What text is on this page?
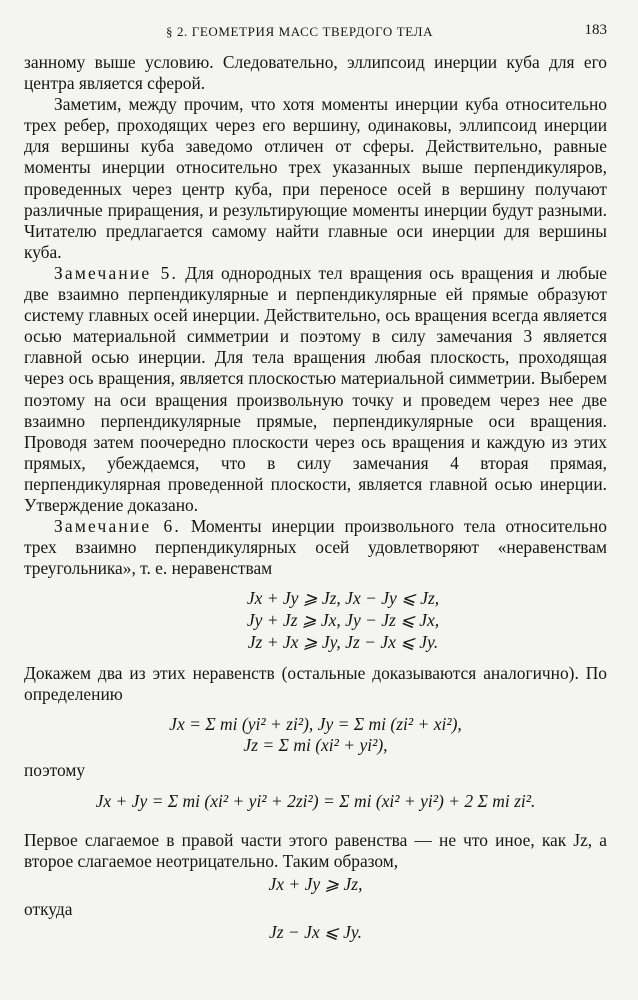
§ 2. ГЕОМЕТРИЯ МАСС ТВЕРДОГО ТЕЛА	183

занному выше условию. Следовательно, эллипсоид инерции куба для его центра является сферой.

Заметим, между прочим, что хотя моменты инерции куба относительно трех ребер, проходящих через его вершину, одинаковы, эллипсоид инерции для вершины куба заведомо отличен от сферы. Действительно, равные моменты инерции относительно трех указанных выше перпендикуляров, проведенных через центр куба, при переносе осей в вершину получают различные приращения, и результирующие моменты инерции будут разными. Читателю предлагается самому найти главные оси инерции для вершины куба.

Замечание 5. Для однородных тел вращения ось вращения и любые две взаимно перпендикулярные и перпендикулярные ей прямые образуют систему главных осей инерции. Действительно, ось вращения всегда является осью материальной симметрии и поэтому в силу замечания 3 является главной осью инерции. Для тела вращения любая плоскость, проходящая через ось вращения, является плоскостью материальной симметрии. Выберем поэтому на оси вращения произвольную точку и проведем через нее две взаимно перпендикулярные прямые, перпендикулярные оси вращения. Проводя затем поочередно плоскости через ось вращения и каждую из этих прямых, убеждаемся, что в силу замечания 4 вторая прямая, перпендикулярная проведенной плоскости, является главной осью инерции. Утверждение доказано.

Замечание 6. Моменты инерции произвольного тела относительно трех взаимно перпендикулярных осей удовлетворяют «неравенствам треугольника», т. е. неравенствам

Jx + Jy ⩾ Jz, Jx − Jy ⩽ Jz,
Jy + Jz ⩾ Jx, Jy − Jz ⩽ Jx,
Jz + Jx ⩾ Jy, Jz − Jx ⩽ Jy.

Докажем два из этих неравенств (остальные доказываются аналогично). По определению

Jx = Σ mi (yi² + zi²), Jy = Σ mi (zi² + xi²),
Jz = Σ mi (xi² + yi²),

поэтому

Jx + Jy = Σ mi (xi² + yi² + 2zi²) = Σ mi (xi² + yi²) + 2 Σ mi zi².

Первое слагаемое в правой части этого равенства — не что иное, как Jz, а второе слагаемое неотрицательно. Таким образом,

Jx + Jy ⩾ Jz,

откуда

Jz − Jx ⩽ Jy.
